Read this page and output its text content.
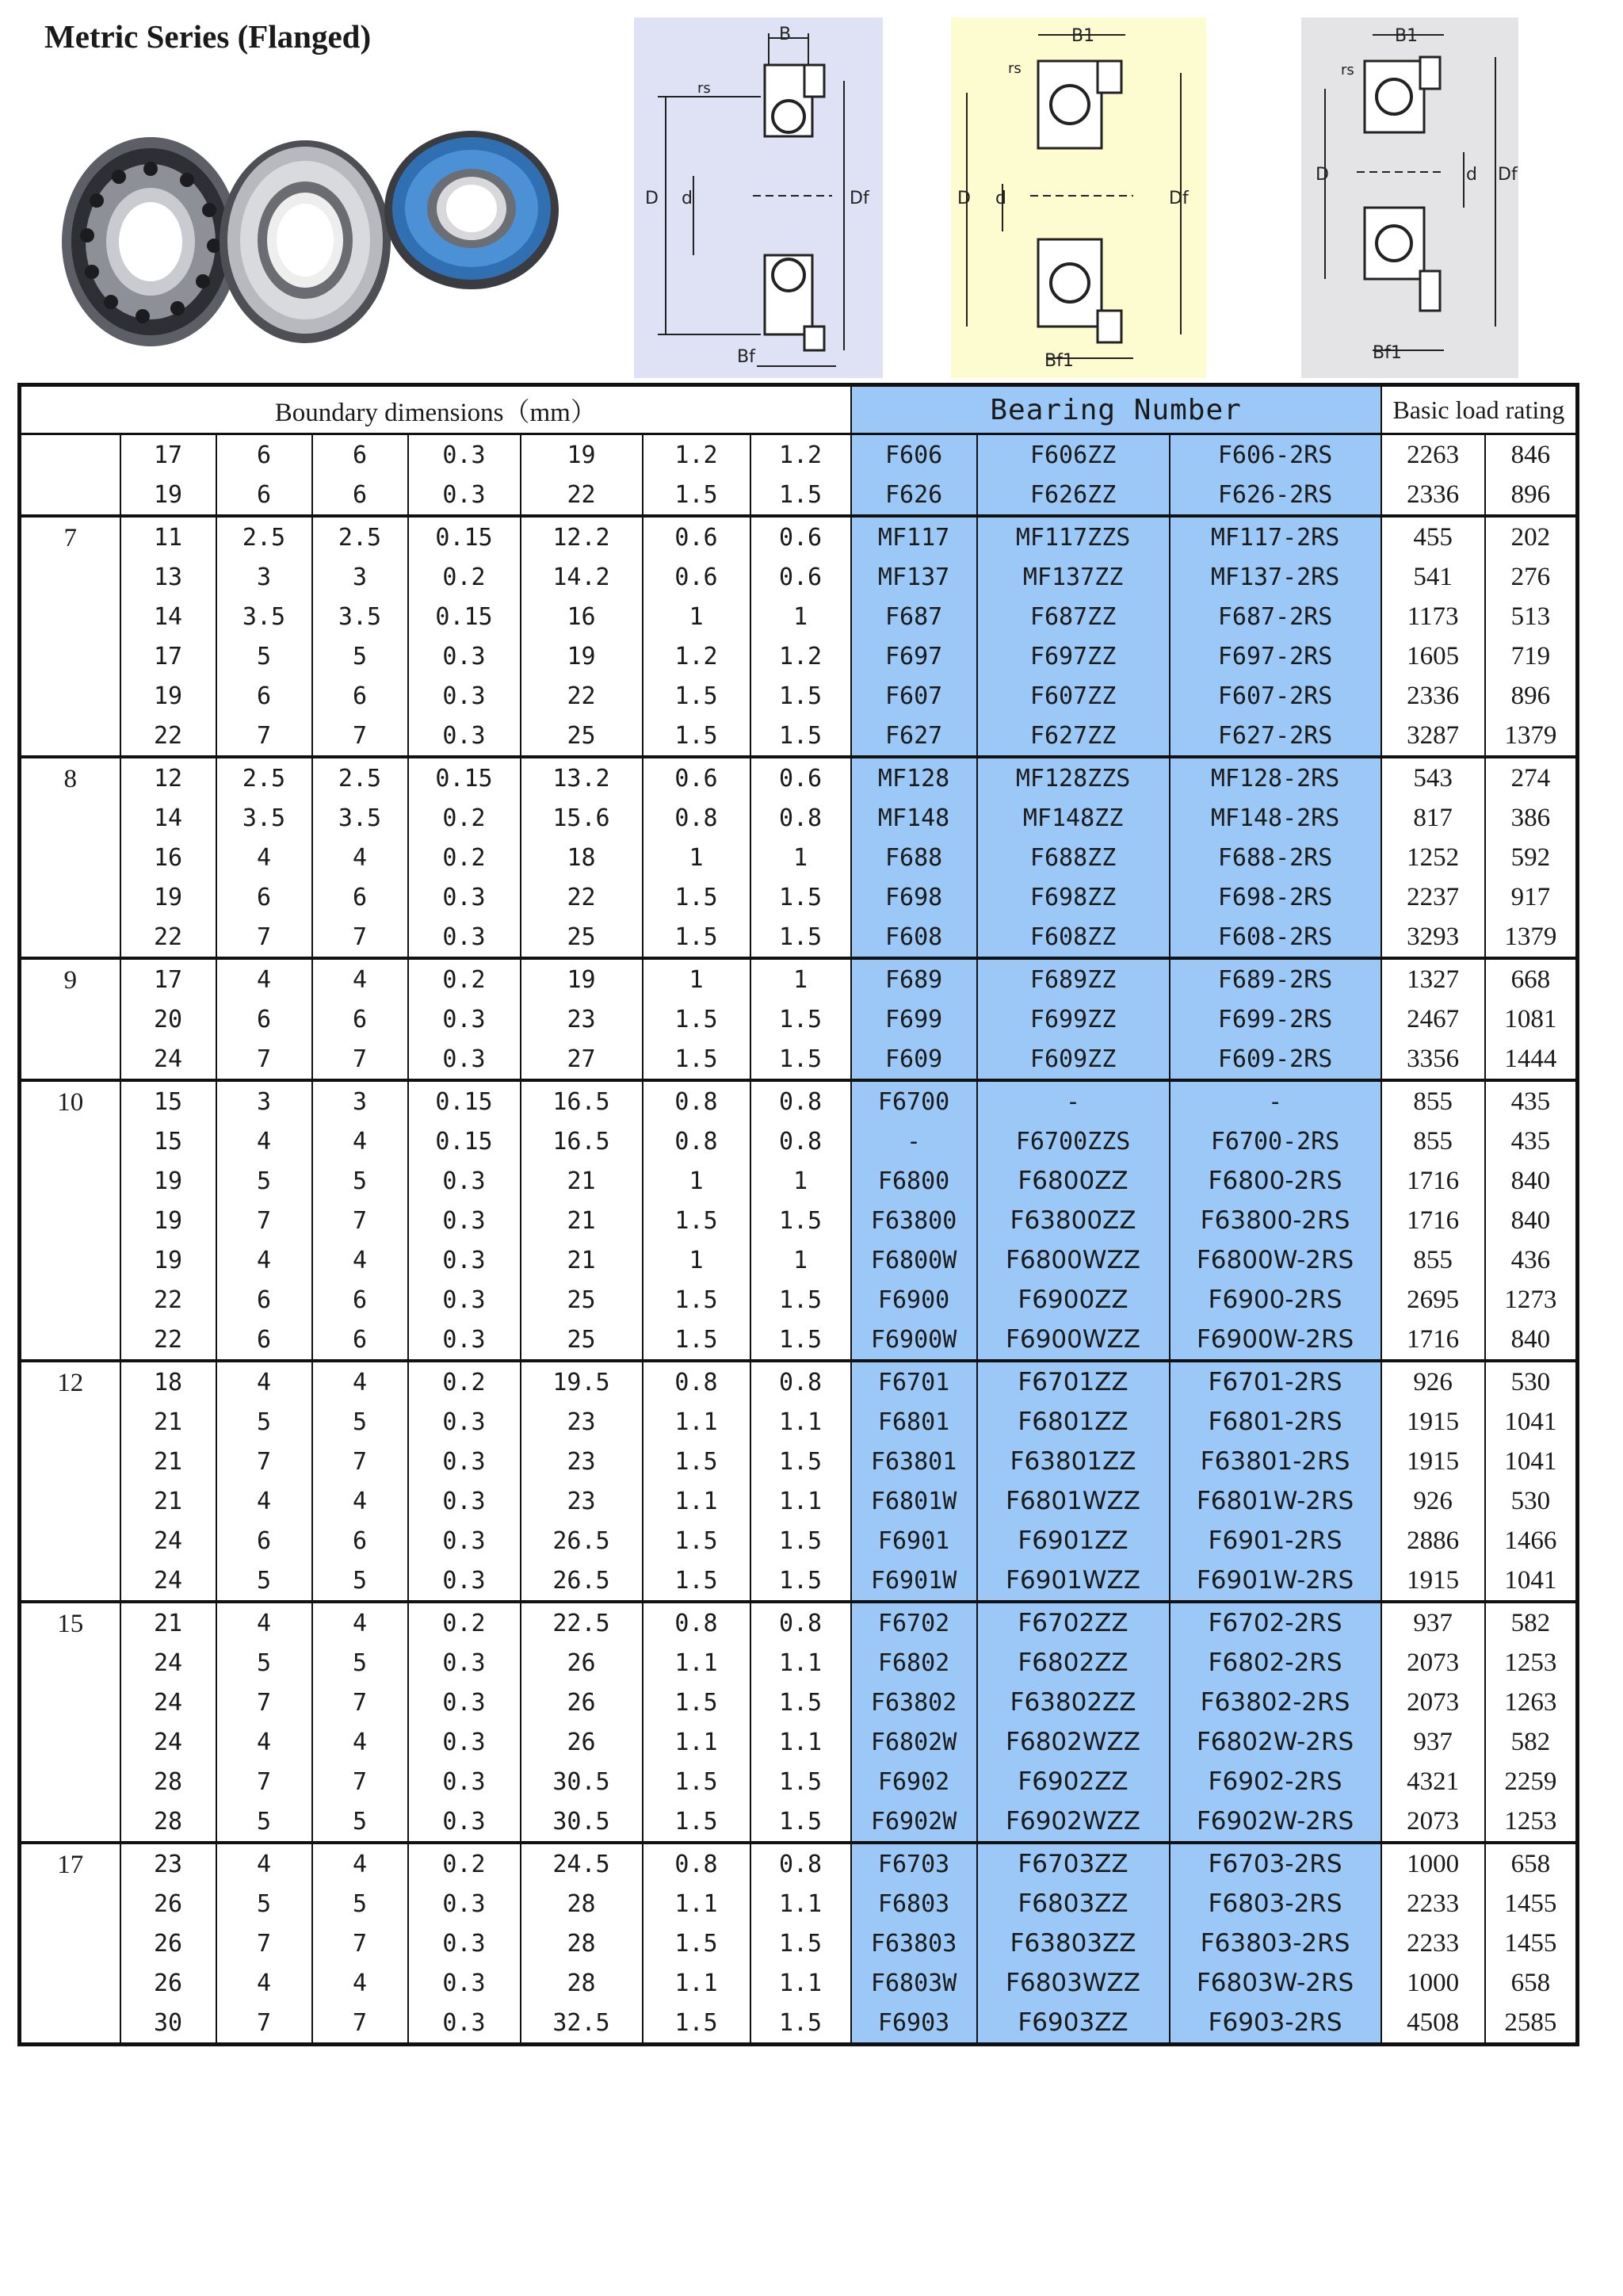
Metric Series (Flanged)	B
rs
D d	Df
Bf
B1
rs
D d	Df
Bf1
B1
rs
D	d Df
Bf1
Boundary dimensions（mm）								Bearing Number			Basic load rating	
	17	6	6	0.3	19	1.2	1.2	F606	F606ZZ	F606-2RS	2263	846
	19	6	6	0.3	22	1.5	1.5	F626	F626ZZ	F626-2RS	2336	896
7	11	2.5	2.5	0.15	12.2	0.6	0.6	MF117	MF117ZZS	MF117-2RS	455	202
	13	3	3	0.2	14.2	0.6	0.6	MF137	MF137ZZ	MF137-2RS	541	276
	14	3.5	3.5	0.15	16	1	1	F687	F687ZZ	F687-2RS	1173	513
	17	5	5	0.3	19	1.2	1.2	F697	F697ZZ	F697-2RS	1605	719
	19	6	6	0.3	22	1.5	1.5	F607	F607ZZ	F607-2RS	2336	896
	22	7	7	0.3	25	1.5	1.5	F627	F627ZZ	F627-2RS	3287	1379
8	12	2.5	2.5	0.15	13.2	0.6	0.6	MF128	MF128ZZS	MF128-2RS	543	274
	14	3.5	3.5	0.2	15.6	0.8	0.8	MF148	MF148ZZ	MF148-2RS	817	386
	16	4	4	0.2	18	1	1	F688	F688ZZ	F688-2RS	1252	592
	19	6	6	0.3	22	1.5	1.5	F698	F698ZZ	F698-2RS	2237	917
	22	7	7	0.3	25	1.5	1.5	F608	F608ZZ	F608-2RS	3293	1379
9	17	4	4	0.2	19	1	1	F689	F689ZZ	F689-2RS	1327	668
	20	6	6	0.3	23	1.5	1.5	F699	F699ZZ	F699-2RS	2467	1081
	24	7	7	0.3	27	1.5	1.5	F609	F609ZZ	F609-2RS	3356	1444
10	15	3	3	0.15	16.5	0.8	0.8	F6700	-	-	855	435
	15	4	4	0.15	16.5	0.8	0.8	-	F6700ZZS	F6700-2RS	855	435
	19	5	5	0.3	21	1	1	F6800	F6800ZZ	F6800-2RS	1716	840
	19	7	7	0.3	21	1.5	1.5	F63800	F63800ZZ	F63800-2RS	1716	840
	19	4	4	0.3	21	1	1	F6800W	F6800WZZ	F6800W-2RS	855	436
	22	6	6	0.3	25	1.5	1.5	F6900	F6900ZZ	F6900-2RS	2695	1273
	22	6	6	0.3	25	1.5	1.5	F6900W	F6900WZZ	F6900W-2RS	1716	840
12	18	4	4	0.2	19.5	0.8	0.8	F6701	F6701ZZ	F6701-2RS	926	530
	21	5	5	0.3	23	1.1	1.1	F6801	F6801ZZ	F6801-2RS	1915	1041
	21	7	7	0.3	23	1.5	1.5	F63801	F63801ZZ	F63801-2RS	1915	1041
	21	4	4	0.3	23	1.1	1.1	F6801W	F6801WZZ	F6801W-2RS	926	530
	24	6	6	0.3	26.5	1.5	1.5	F6901	F6901ZZ	F6901-2RS	2886	1466
	24	5	5	0.3	26.5	1.5	1.5	F6901W	F6901WZZ	F6901W-2RS	1915	1041
15	21	4	4	0.2	22.5	0.8	0.8	F6702	F6702ZZ	F6702-2RS	937	582
	24	5	5	0.3	26	1.1	1.1	F6802	F6802ZZ	F6802-2RS	2073	1253
	24	7	7	0.3	26	1.5	1.5	F63802	F63802ZZ	F63802-2RS	2073	1263
	24	4	4	0.3	26	1.1	1.1	F6802W	F6802WZZ	F6802W-2RS	937	582
	28	7	7	0.3	30.5	1.5	1.5	F6902	F6902ZZ	F6902-2RS	4321	2259
	28	5	5	0.3	30.5	1.5	1.5	F6902W	F6902WZZ	F6902W-2RS	2073	1253
17	23	4	4	0.2	24.5	0.8	0.8	F6703	F6703ZZ	F6703-2RS	1000	658
	26	5	5	0.3	28	1.1	1.1	F6803	F6803ZZ	F6803-2RS	2233	1455
	26	7	7	0.3	28	1.5	1.5	F63803	F63803ZZ	F63803-2RS	2233	1455
	26	4	4	0.3	28	1.1	1.1	F6803W	F6803WZZ	F6803W-2RS	1000	658
	30	7	7	0.3	32.5	1.5	1.5	F6903	F6903ZZ	F6903-2RS	4508	2585
